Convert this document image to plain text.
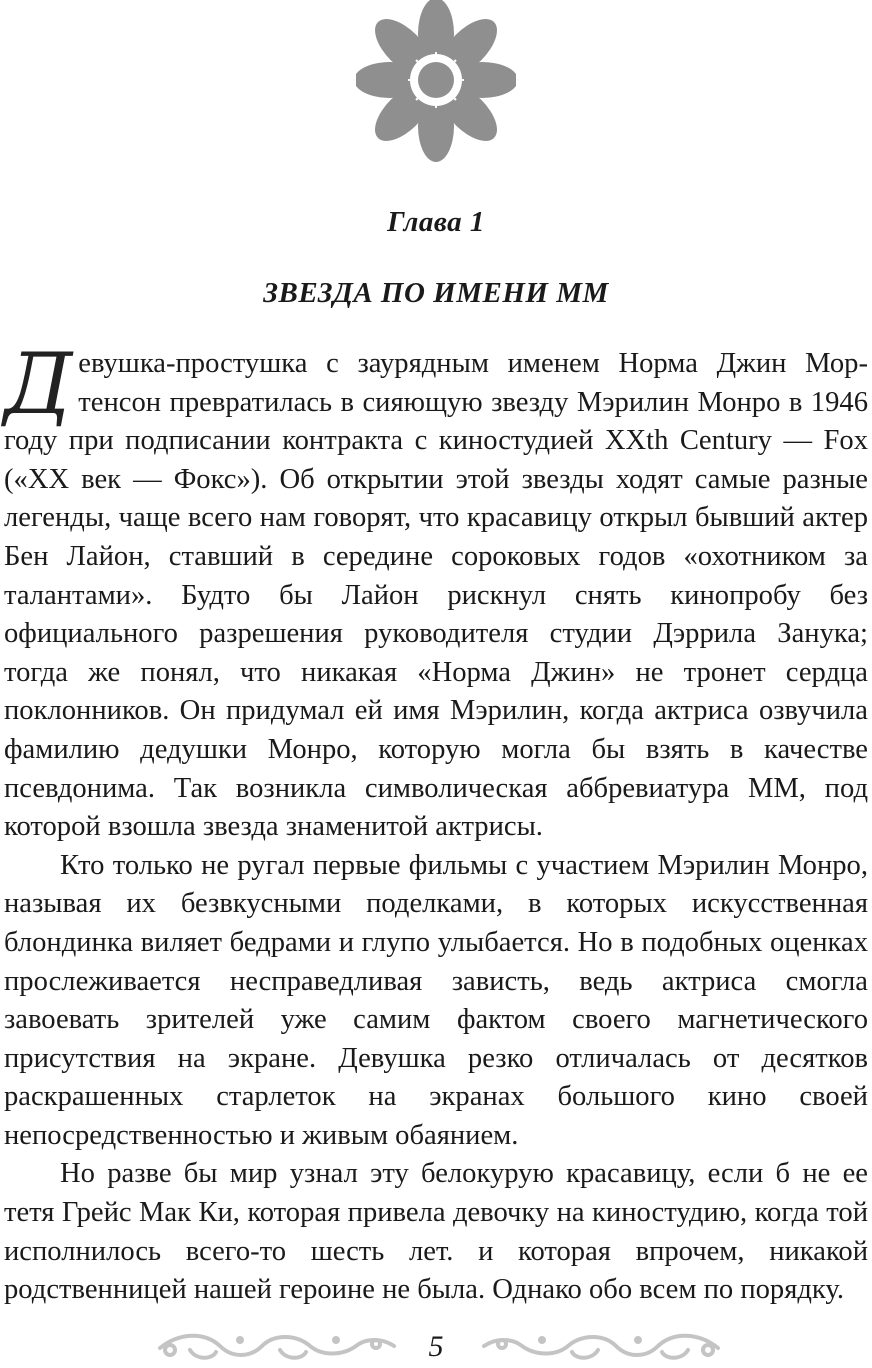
Глава 1
ЗВЕЗДА ПО ИМЕНИ ММ

Девушка-простушка с заурядным именем Норма Джин Мортенсон превратилась в сияющую звезду Мэрилин Монро в 1946 году при подписании контракта с киностудией XXth Century — Fox («XX век — Фокс»). Об открытии этой звезды ходят самые разные легенды, чаще всего нам говорят, что красавицу открыл бывший актер Бен Лайон, ставший в середине сороковых годов «охотником за талантами». Будто бы Лайон рискнул снять кинопробу без официального разрешения руководителя студии Дэррила Занука; тогда же понял, что никакая «Норма Джин» не тронет сердца поклонников. Он придумал ей имя Мэрилин, когда актриса озвучила фамилию дедушки Монро, которую могла бы взять в качестве псевдонима. Так возникла символическая аббревиатура ММ, под которой взошла звезда знаменитой актрисы.

Кто только не ругал первые фильмы с участием Мэрилин Монро, называя их безвкусными поделками, в которых искусственная блондинка виляет бедрами и глупо улыбается. Но в подобных оценках прослеживается несправедливая зависть, ведь актриса смогла завоевать зрителей уже самим фактом своего магнетического присутствия на экране. Девушка резко отличалась от десятков раскрашенных старлеток на экранах большого кино своей непосредственностью и живым обаянием.

Но разве бы мир узнал эту белокурую красавицу, если б не ее тетя Грейс Мак Ки, которая привела девочку на киностудию, когда той исполнилось всего-то шесть лет. и которая впрочем, никакой родственницей нашей героине не была. Однако обо всем по порядку.

5
